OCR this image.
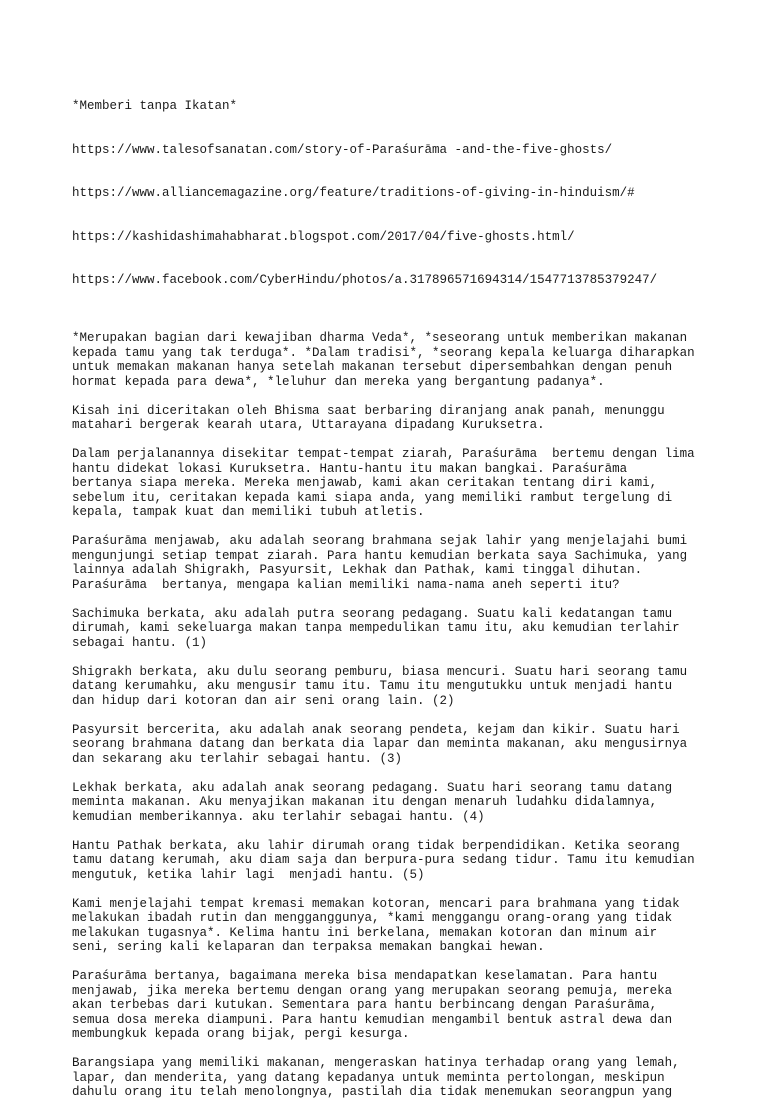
*Memberi tanpa Ikatan*

https://www.talesofsanatan.com/story-of-Paraśurāma -and-the-five-ghosts/

https://www.alliancemagazine.org/feature/traditions-of-giving-in-hinduism/#

https://kashidashimahabharat.blogspot.com/2017/04/five-ghosts.html/

https://www.facebook.com/CyberHindu/photos/a.317896571694314/1547713785379247/

*Merupakan bagian dari kewajiban dharma Veda*, *seseorang untuk memberikan makanan
kepada tamu yang tak terduga*. *Dalam tradisi*, *seorang kepala keluarga diharapkan
untuk memakan makanan hanya setelah makanan tersebut dipersembahkan dengan penuh
hormat kepada para dewa*, *leluhur dan mereka yang bergantung padanya*.
Kisah ini diceritakan oleh Bhisma saat berbaring diranjang anak panah, menunggu
matahari bergerak kearah utara, Uttarayana dipadang Kuruksetra.
Dalam perjalanannya disekitar tempat-tempat ziarah, Paraśurāma  bertemu dengan lima
hantu didekat lokasi Kuruksetra. Hantu-hantu itu makan bangkai. Paraśurāma
bertanya siapa mereka. Mereka menjawab, kami akan ceritakan tentang diri kami,
sebelum itu, ceritakan kepada kami siapa anda, yang memiliki rambut tergelung di
kepala, tampak kuat dan memiliki tubuh atletis.
Paraśurāma menjawab, aku adalah seorang brahmana sejak lahir yang menjelajahi bumi
mengunjungi setiap tempat ziarah. Para hantu kemudian berkata saya Sachimuka, yang
lainnya adalah Shigrakh, Pasyursit, Lekhak dan Pathak, kami tinggal dihutan.
Paraśurāma  bertanya, mengapa kalian memiliki nama-nama aneh seperti itu?
Sachimuka berkata, aku adalah putra seorang pedagang. Suatu kali kedatangan tamu
dirumah, kami sekeluarga makan tanpa mempedulikan tamu itu, aku kemudian terlahir
sebagai hantu. (1)
Shigrakh berkata, aku dulu seorang pemburu, biasa mencuri. Suatu hari seorang tamu
datang kerumahku, aku mengusir tamu itu. Tamu itu mengutukku untuk menjadi hantu
dan hidup dari kotoran dan air seni orang lain. (2)
Pasyursit bercerita, aku adalah anak seorang pendeta, kejam dan kikir. Suatu hari
seorang brahmana datang dan berkata dia lapar dan meminta makanan, aku mengusirnya
dan sekarang aku terlahir sebagai hantu. (3)
Lekhak berkata, aku adalah anak seorang pedagang. Suatu hari seorang tamu datang
meminta makanan. Aku menyajikan makanan itu dengan menaruh ludahku didalamnya,
kemudian memberikannya. aku terlahir sebagai hantu. (4)
Hantu Pathak berkata, aku lahir dirumah orang tidak berpendidikan. Ketika seorang
tamu datang kerumah, aku diam saja dan berpura-pura sedang tidur. Tamu itu kemudian
mengutuk, ketika lahir lagi  menjadi hantu. (5)
Kami menjelajahi tempat kremasi memakan kotoran, mencari para brahmana yang tidak
melakukan ibadah rutin dan mengganggunya, *kami menggangu orang-orang yang tidak
melakukan tugasnya*. Kelima hantu ini berkelana, memakan kotoran dan minum air
seni, sering kali kelaparan dan terpaksa memakan bangkai hewan.
Paraśurāma bertanya, bagaimana mereka bisa mendapatkan keselamatan. Para hantu
menjawab, jika mereka bertemu dengan orang yang merupakan seorang pemuja, mereka
akan terbebas dari kutukan. Sementara para hantu berbincang dengan Paraśurāma,
semua dosa mereka diampuni. Para hantu kemudian mengambil bentuk astral dewa dan
membungkuk kepada orang bijak, pergi kesurga.
Barangsiapa yang memiliki makanan, mengeraskan hatinya terhadap orang yang lemah,
lapar, dan menderita, yang datang kepadanya untuk meminta pertolongan, meskipun
dahulu orang itu telah menolongnya, pastilah dia tidak menemukan seorangpun yang
